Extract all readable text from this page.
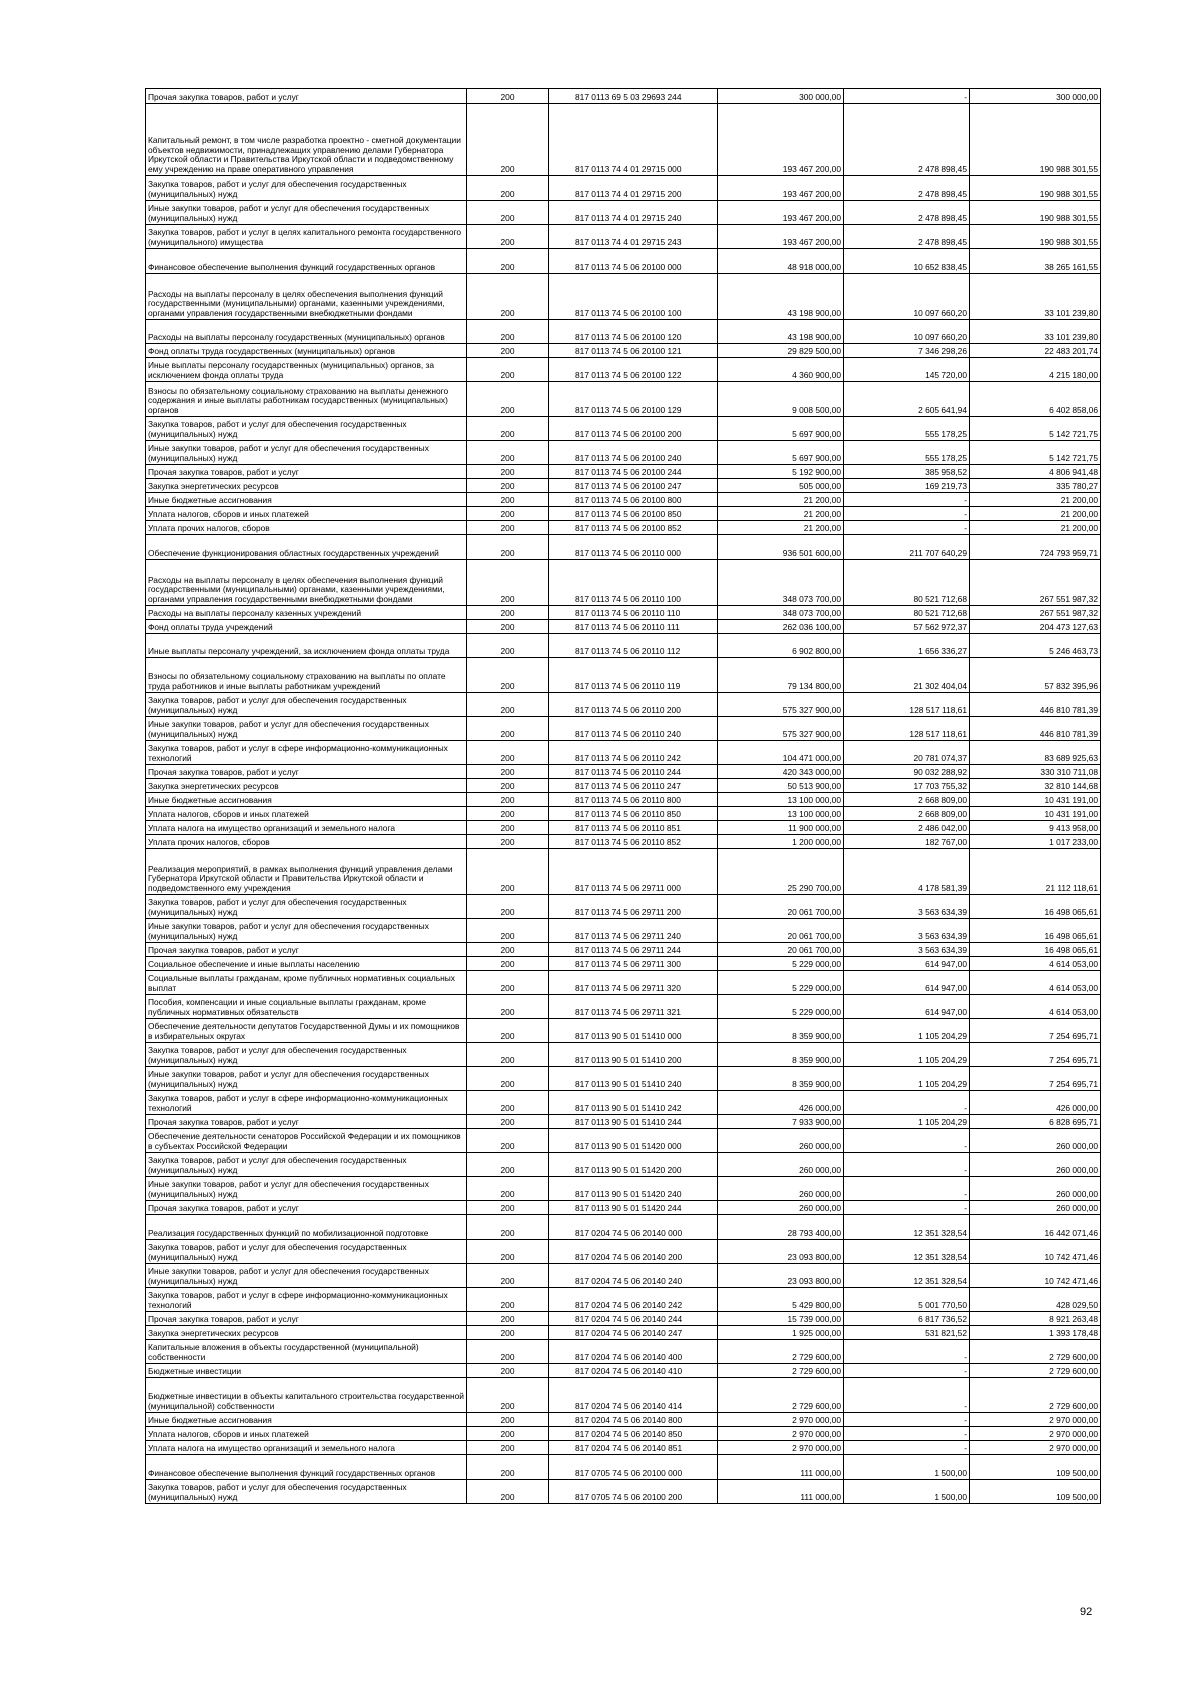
Прочая закупка товаров, работ и услуг	200	817 0113 69 5 03 29693 244	300 000,00	-	300 000,00
Капитальный ремонт, в том числе разработка проектно - сметной документации объектов недвижимости, принадлежащих управлению делами Губернатора Иркутской области и Правительства Иркутской области и подведомственному ему учреждению на праве оперативного управления	200	817 0113 74 4 01 29715 000	193 467 200,00	2 478 898,45	190 988 301,55
Закупка товаров, работ и услуг для обеспечения государственных (муниципальных) нужд	200	817 0113 74 4 01 29715 200	193 467 200,00	2 478 898,45	190 988 301,55
Иные закупки товаров, работ и услуг для обеспечения государственных (муниципальных) нужд	200	817 0113 74 4 01 29715 240	193 467 200,00	2 478 898,45	190 988 301,55
Закупка товаров, работ и услуг в целях капитального ремонта государственного (муниципального) имущества	200	817 0113 74 4 01 29715 243	193 467 200,00	2 478 898,45	190 988 301,55
Финансовое обеспечение выполнения функций государственных органов	200	817 0113 74 5 06 20100 000	48 918 000,00	10 652 838,45	38 265 161,55
Расходы на выплаты персоналу в целях обеспечения выполнения функций государственными (муниципальными) органами, казенными учреждениями, органами управления государственными внебюджетными фондами	200	817 0113 74 5 06 20100 100	43 198 900,00	10 097 660,20	33 101 239,80
Расходы на выплаты персоналу государственных (муниципальных) органов	200	817 0113 74 5 06 20100 120	43 198 900,00	10 097 660,20	33 101 239,80
Фонд оплаты труда государственных (муниципальных) органов	200	817 0113 74 5 06 20100 121	29 829 500,00	7 346 298,26	22 483 201,74
Иные выплаты персоналу государственных (муниципальных) органов, за исключением фонда оплаты труда	200	817 0113 74 5 06 20100 122	4 360 900,00	145 720,00	4 215 180,00
Взносы по обязательному социальному страхованию на выплаты денежного содержания и иные выплаты работникам государственных (муниципальных) органов	200	817 0113 74 5 06 20100 129	9 008 500,00	2 605 641,94	6 402 858,06
Закупка товаров, работ и услуг для обеспечения государственных (муниципальных) нужд	200	817 0113 74 5 06 20100 200	5 697 900,00	555 178,25	5 142 721,75
Иные закупки товаров, работ и услуг для обеспечения государственных (муниципальных) нужд	200	817 0113 74 5 06 20100 240	5 697 900,00	555 178,25	5 142 721,75
Прочая закупка товаров, работ и услуг	200	817 0113 74 5 06 20100 244	5 192 900,00	385 958,52	4 806 941,48
Закупка энергетических ресурсов	200	817 0113 74 5 06 20100 247	505 000,00	169 219,73	335 780,27
Иные бюджетные ассигнования	200	817 0113 74 5 06 20100 800	21 200,00	-	21 200,00
Уплата налогов, сборов и иных платежей	200	817 0113 74 5 06 20100 850	21 200,00	-	21 200,00
Уплата прочих налогов, сборов	200	817 0113 74 5 06 20100 852	21 200,00	-	21 200,00
Обеспечение функционирования областных государственных учреждений	200	817 0113 74 5 06 20110 000	936 501 600,00	211 707 640,29	724 793 959,71
Расходы на выплаты персоналу в целях обеспечения выполнения функций государственными (муниципальными) органами, казенными учреждениями, органами управления государственными внебюджетными фондами	200	817 0113 74 5 06 20110 100	348 073 700,00	80 521 712,68	267 551 987,32
Расходы на выплаты персоналу казенных учреждений	200	817 0113 74 5 06 20110 110	348 073 700,00	80 521 712,68	267 551 987,32
Фонд оплаты труда учреждений	200	817 0113 74 5 06 20110 111	262 036 100,00	57 562 972,37	204 473 127,63
Иные выплаты персоналу учреждений, за исключением фонда оплаты труда	200	817 0113 74 5 06 20110 112	6 902 800,00	1 656 336,27	5 246 463,73
Взносы по обязательному социальному страхованию на выплаты по оплате труда работников и иные выплаты работникам учреждений	200	817 0113 74 5 06 20110 119	79 134 800,00	21 302 404,04	57 832 395,96
Закупка товаров, работ и услуг для обеспечения государственных (муниципальных) нужд	200	817 0113 74 5 06 20110 200	575 327 900,00	128 517 118,61	446 810 781,39
Иные закупки товаров, работ и услуг для обеспечения государственных (муниципальных) нужд	200	817 0113 74 5 06 20110 240	575 327 900,00	128 517 118,61	446 810 781,39
Закупка товаров, работ и услуг в сфере информационно-коммуникационных технологий	200	817 0113 74 5 06 20110 242	104 471 000,00	20 781 074,37	83 689 925,63
Прочая закупка товаров, работ и услуг	200	817 0113 74 5 06 20110 244	420 343 000,00	90 032 288,92	330 310 711,08
Закупка энергетических ресурсов	200	817 0113 74 5 06 20110 247	50 513 900,00	17 703 755,32	32 810 144,68
Иные бюджетные ассигнования	200	817 0113 74 5 06 20110 800	13 100 000,00	2 668 809,00	10 431 191,00
Уплата налогов, сборов и иных платежей	200	817 0113 74 5 06 20110 850	13 100 000,00	2 668 809,00	10 431 191,00
Уплата налога на имущество организаций и земельного налога	200	817 0113 74 5 06 20110 851	11 900 000,00	2 486 042,00	9 413 958,00
Уплата прочих налогов, сборов	200	817 0113 74 5 06 20110 852	1 200 000,00	182 767,00	1 017 233,00
Реализация мероприятий, в рамках выполнения функций управления делами Губернатора Иркутской области и Правительства Иркутской области и подведомственного ему учреждения	200	817 0113 74 5 06 29711 000	25 290 700,00	4 178 581,39	21 112 118,61
Закупка товаров, работ и услуг для обеспечения государственных (муниципальных) нужд	200	817 0113 74 5 06 29711 200	20 061 700,00	3 563 634,39	16 498 065,61
Иные закупки товаров, работ и услуг для обеспечения государственных (муниципальных) нужд	200	817 0113 74 5 06 29711 240	20 061 700,00	3 563 634,39	16 498 065,61
Прочая закупка товаров, работ и услуг	200	817 0113 74 5 06 29711 244	20 061 700,00	3 563 634,39	16 498 065,61
Социальное обеспечение и иные выплаты населению	200	817 0113 74 5 06 29711 300	5 229 000,00	614 947,00	4 614 053,00
Социальные выплаты гражданам, кроме публичных нормативных социальных выплат	200	817 0113 74 5 06 29711 320	5 229 000,00	614 947,00	4 614 053,00
Пособия, компенсации и иные социальные выплаты гражданам, кроме публичных нормативных обязательств	200	817 0113 74 5 06 29711 321	5 229 000,00	614 947,00	4 614 053,00
Обеспечение деятельности депутатов Государственной Думы и их помощников в избирательных округах	200	817 0113 90 5 01 51410 000	8 359 900,00	1 105 204,29	7 254 695,71
Закупка товаров, работ и услуг для обеспечения государственных (муниципальных) нужд	200	817 0113 90 5 01 51410 200	8 359 900,00	1 105 204,29	7 254 695,71
Иные закупки товаров, работ и услуг для обеспечения государственных (муниципальных) нужд	200	817 0113 90 5 01 51410 240	8 359 900,00	1 105 204,29	7 254 695,71
Закупка товаров, работ и услуг в сфере информационно-коммуникационных технологий	200	817 0113 90 5 01 51410 242	426 000,00	-	426 000,00
Прочая закупка товаров, работ и услуг	200	817 0113 90 5 01 51410 244	7 933 900,00	1 105 204,29	6 828 695,71
Обеспечение деятельности сенаторов Российской Федерации и их помощников в субъектах Российской Федерации	200	817 0113 90 5 01 51420 000	260 000,00	-	260 000,00
Закупка товаров, работ и услуг для обеспечения государственных (муниципальных) нужд	200	817 0113 90 5 01 51420 200	260 000,00	-	260 000,00
Иные закупки товаров, работ и услуг для обеспечения государственных (муниципальных) нужд	200	817 0113 90 5 01 51420 240	260 000,00	-	260 000,00
Прочая закупка товаров, работ и услуг	200	817 0113 90 5 01 51420 244	260 000,00	-	260 000,00
Реализация государственных функций по мобилизационной подготовке	200	817 0204 74 5 06 20140 000	28 793 400,00	12 351 328,54	16 442 071,46
Закупка товаров, работ и услуг для обеспечения государственных (муниципальных) нужд	200	817 0204 74 5 06 20140 200	23 093 800,00	12 351 328,54	10 742 471,46
Иные закупки товаров, работ и услуг для обеспечения государственных (муниципальных) нужд	200	817 0204 74 5 06 20140 240	23 093 800,00	12 351 328,54	10 742 471,46
Закупка товаров, работ и услуг в сфере информационно-коммуникационных технологий	200	817 0204 74 5 06 20140 242	5 429 800,00	5 001 770,50	428 029,50
Прочая закупка товаров, работ и услуг	200	817 0204 74 5 06 20140 244	15 739 000,00	6 817 736,52	8 921 263,48
Закупка энергетических ресурсов	200	817 0204 74 5 06 20140 247	1 925 000,00	531 821,52	1 393 178,48
Капитальные вложения в объекты государственной (муниципальной) собственности	200	817 0204 74 5 06 20140 400	2 729 600,00	-	2 729 600,00
Бюджетные инвестиции	200	817 0204 74 5 06 20140 410	2 729 600,00	-	2 729 600,00
Бюджетные инвестиции в объекты капитального строительства государственной (муниципальной) собственности	200	817 0204 74 5 06 20140 414	2 729 600,00	-	2 729 600,00
Иные бюджетные ассигнования	200	817 0204 74 5 06 20140 800	2 970 000,00	-	2 970 000,00
Уплата налогов, сборов и иных платежей	200	817 0204 74 5 06 20140 850	2 970 000,00	-	2 970 000,00
Уплата налога на имущество организаций и земельного налога	200	817 0204 74 5 06 20140 851	2 970 000,00	-	2 970 000,00
Финансовое обеспечение выполнения функций государственных органов	200	817 0705 74 5 06 20100 000	111 000,00	1 500,00	109 500,00
Закупка товаров, работ и услуг для обеспечения государственных (муниципальных) нужд	200	817 0705 74 5 06 20100 200	111 000,00	1 500,00	109 500,00
92
